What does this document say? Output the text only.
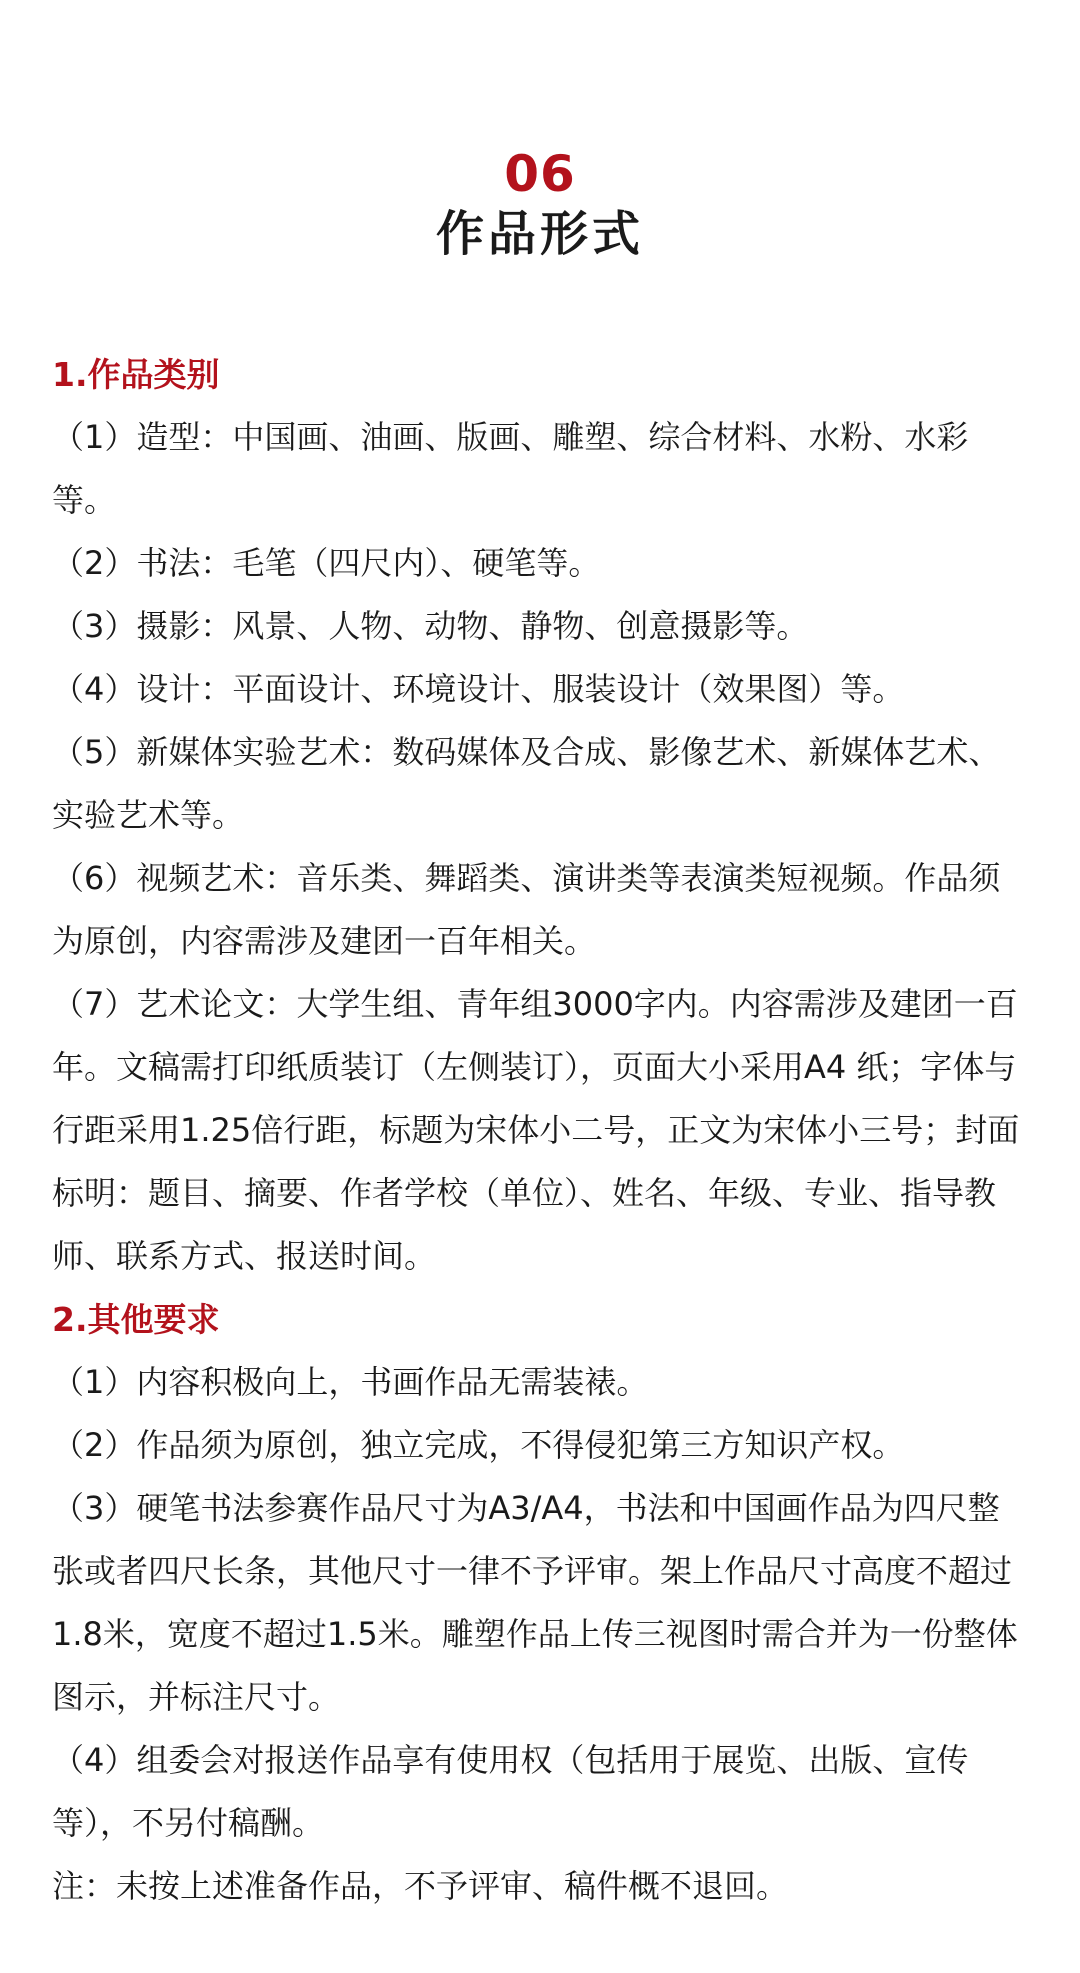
06
作品形式
1.作品类别
（1）造型：中国画、油画、版画、雕塑、综合材料、水粉、水彩等。
（2）书法：毛笔（四尺内）、硬笔等。
（3）摄影：风景、人物、动物、静物、创意摄影等。
（4）设计：平面设计、环境设计、服装设计（效果图）等。
（5）新媒体实验艺术：数码媒体及合成、影像艺术、新媒体艺术、实验艺术等。
（6）视频艺术：音乐类、舞蹈类、演讲类等表演类短视频。作品须为原创，内容需涉及建团一百年相关。
（7）艺术论文：大学生组、青年组3000字内。内容需涉及建团一百年。文稿需打印纸质装订（左侧装订），页面大小采用A4 纸；字体与行距采用1.25倍行距，标题为宋体小二号，正文为宋体小三号；封面标明：题目、摘要、作者学校（单位）、姓名、年级、专业、指导教师、联系方式、报送时间。
2.其他要求
（1）内容积极向上，书画作品无需装裱。
（2）作品须为原创，独立完成，不得侵犯第三方知识产权。
（3）硬笔书法参赛作品尺寸为A3/A4，书法和中国画作品为四尺整张或者四尺长条，其他尺寸一律不予评审。架上作品尺寸高度不超过1.8米，宽度不超过1.5米。雕塑作品上传三视图时需合并为一份整体图示，并标注尺寸。
（4）组委会对报送作品享有使用权（包括用于展览、出版、宣传等），不另付稿酬。
注：未按上述准备作品，不予评审、稿件概不退回。
